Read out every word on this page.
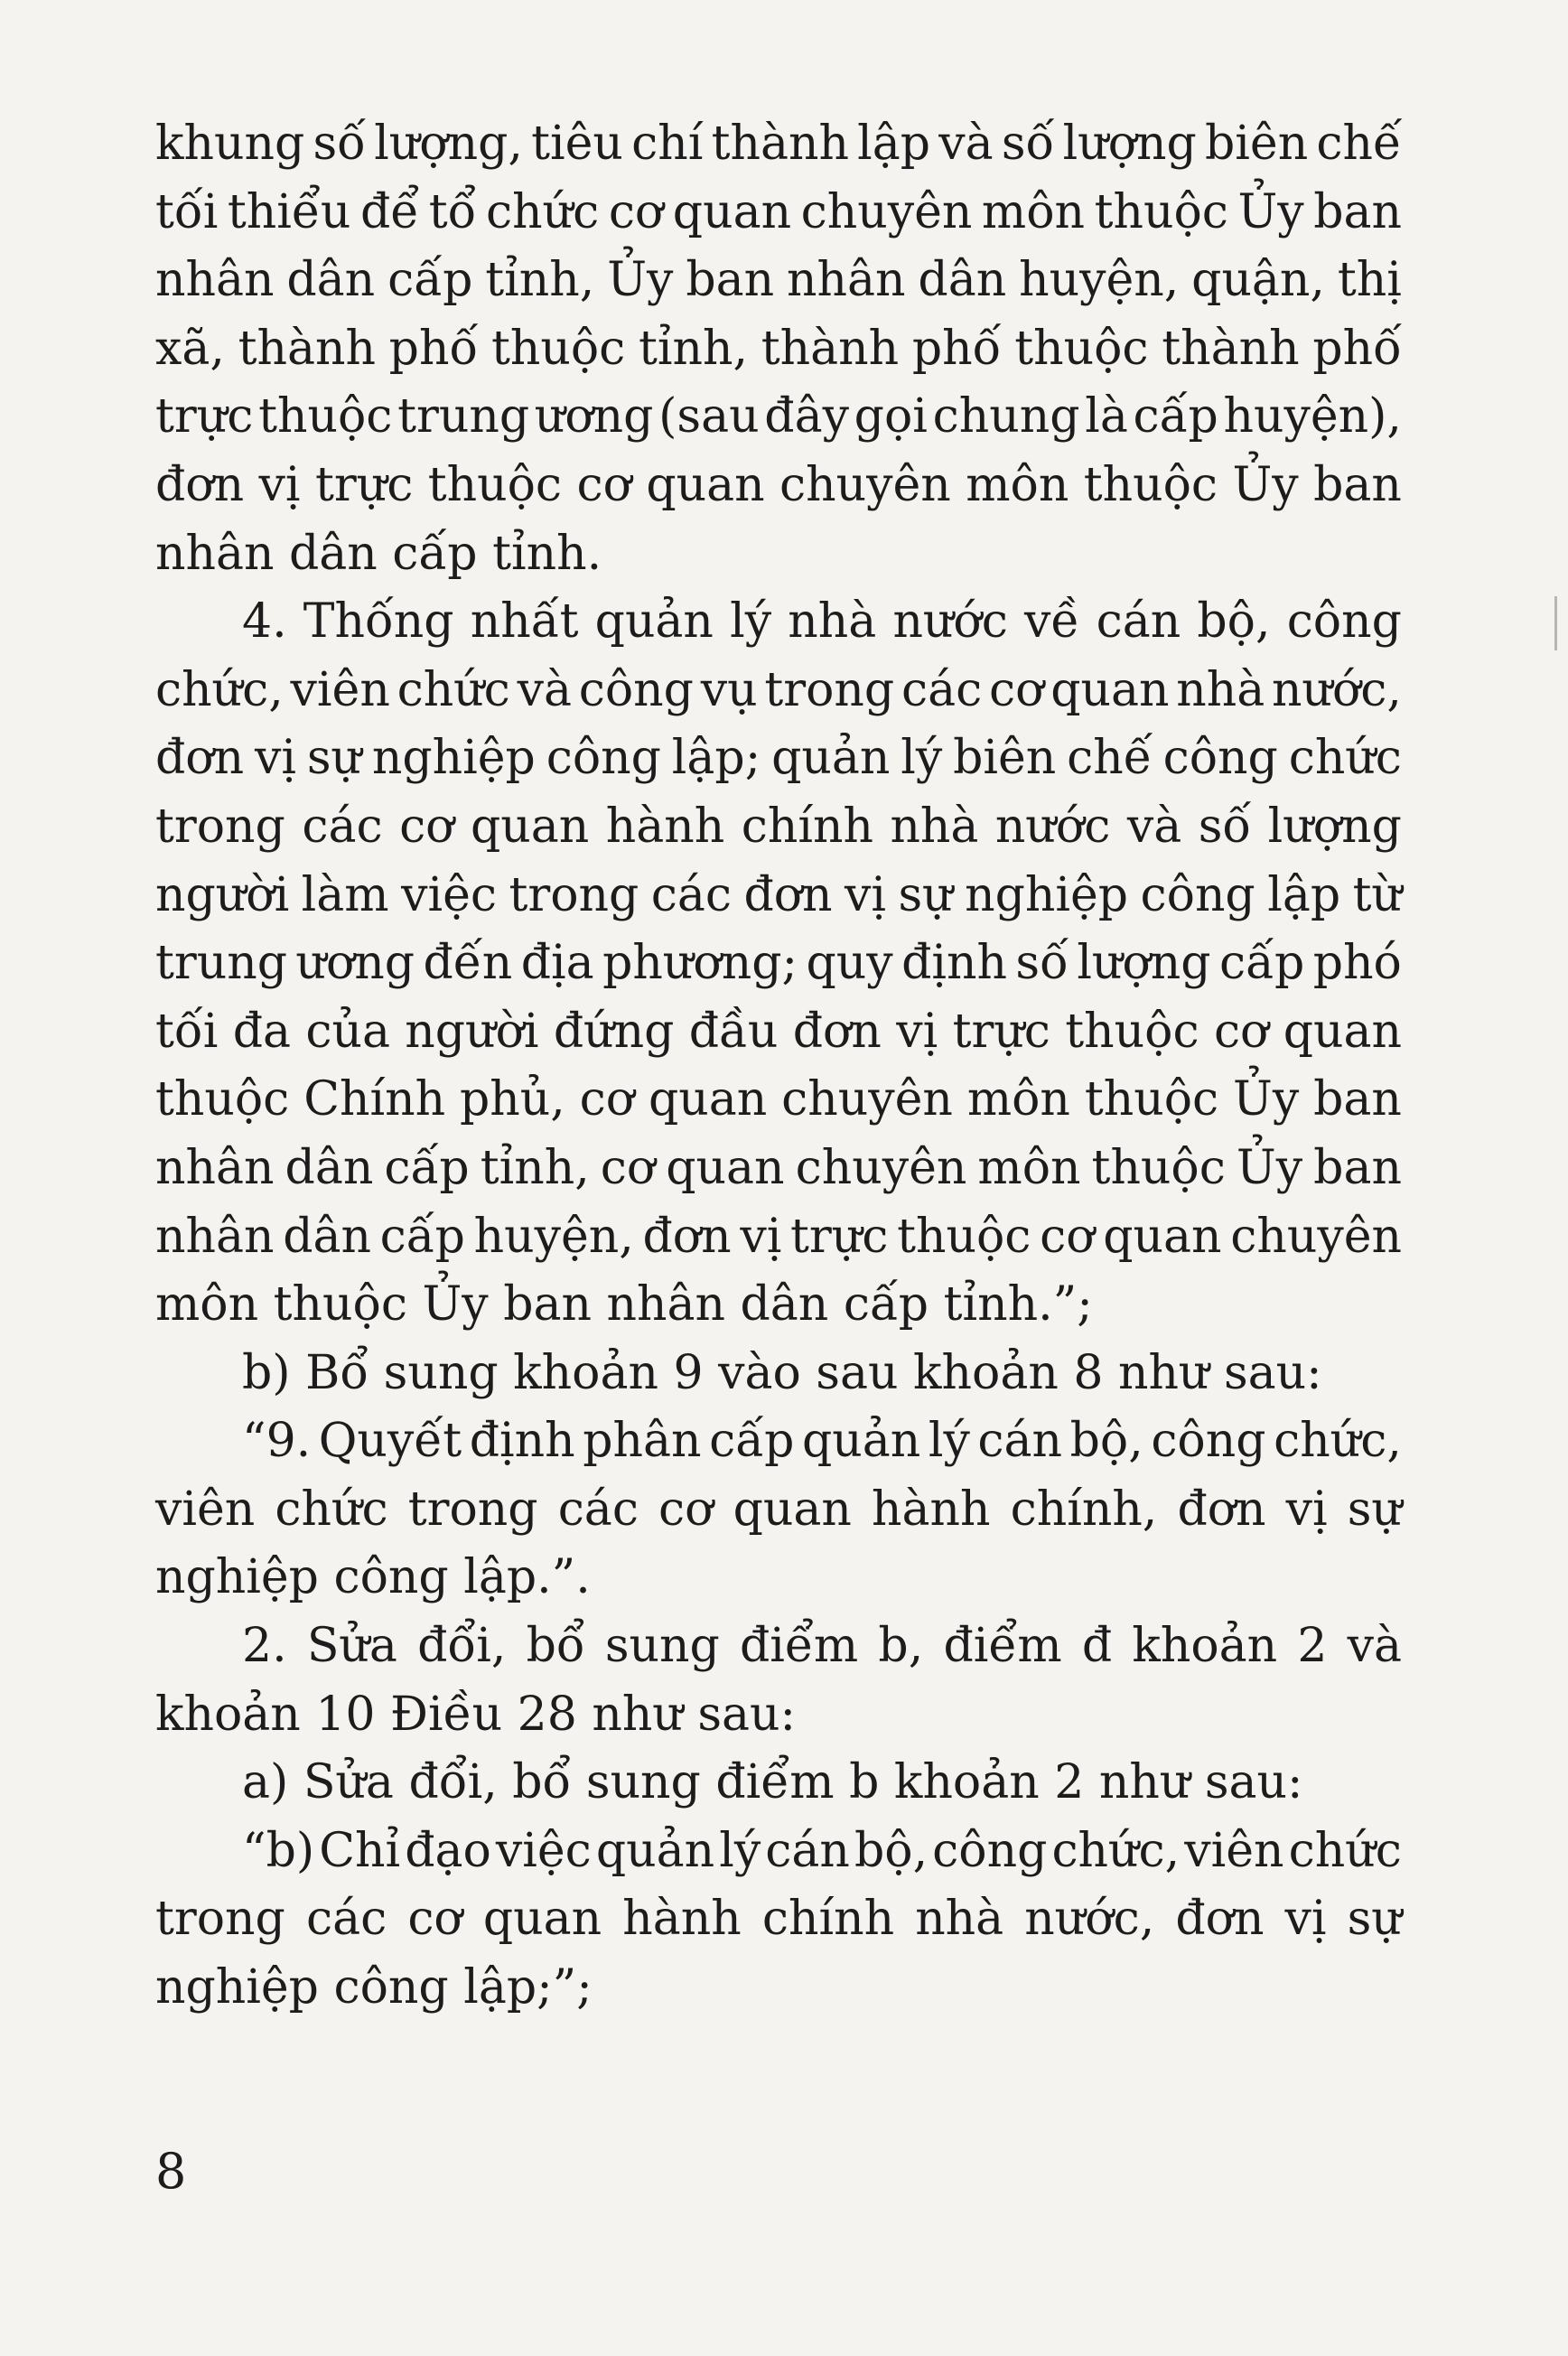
khung số lượng, tiêu chí thành lập và số lượng biên chế
tối thiểu để tổ chức cơ quan chuyên môn thuộc Ủy ban
nhân dân cấp tỉnh, Ủy ban nhân dân huyện, quận, thị
xã, thành phố thuộc tỉnh, thành phố thuộc thành phố
trực thuộc trung ương (sau đây gọi chung là cấp huyện),
đơn vị trực thuộc cơ quan chuyên môn thuộc Ủy ban
nhân dân cấp tỉnh.
4. Thống nhất quản lý nhà nước về cán bộ, công
chức, viên chức và công vụ trong các cơ quan nhà nước,
đơn vị sự nghiệp công lập; quản lý biên chế công chức
trong các cơ quan hành chính nhà nước và số lượng
người làm việc trong các đơn vị sự nghiệp công lập từ
trung ương đến địa phương; quy định số lượng cấp phó
tối đa của người đứng đầu đơn vị trực thuộc cơ quan
thuộc Chính phủ, cơ quan chuyên môn thuộc Ủy ban
nhân dân cấp tỉnh, cơ quan chuyên môn thuộc Ủy ban
nhân dân cấp huyện, đơn vị trực thuộc cơ quan chuyên
môn thuộc Ủy ban nhân dân cấp tỉnh.”;
b) Bổ sung khoản 9 vào sau khoản 8 như sau:
“9. Quyết định phân cấp quản lý cán bộ, công chức,
viên chức trong các cơ quan hành chính, đơn vị sự
nghiệp công lập.”.
2. Sửa đổi, bổ sung điểm b, điểm đ khoản 2 và
khoản 10 Điều 28 như sau:
a) Sửa đổi, bổ sung điểm b khoản 2 như sau:
“b) Chỉ đạo việc quản lý cán bộ, công chức, viên chức
trong các cơ quan hành chính nhà nước, đơn vị sự
nghiệp công lập;”;
8
